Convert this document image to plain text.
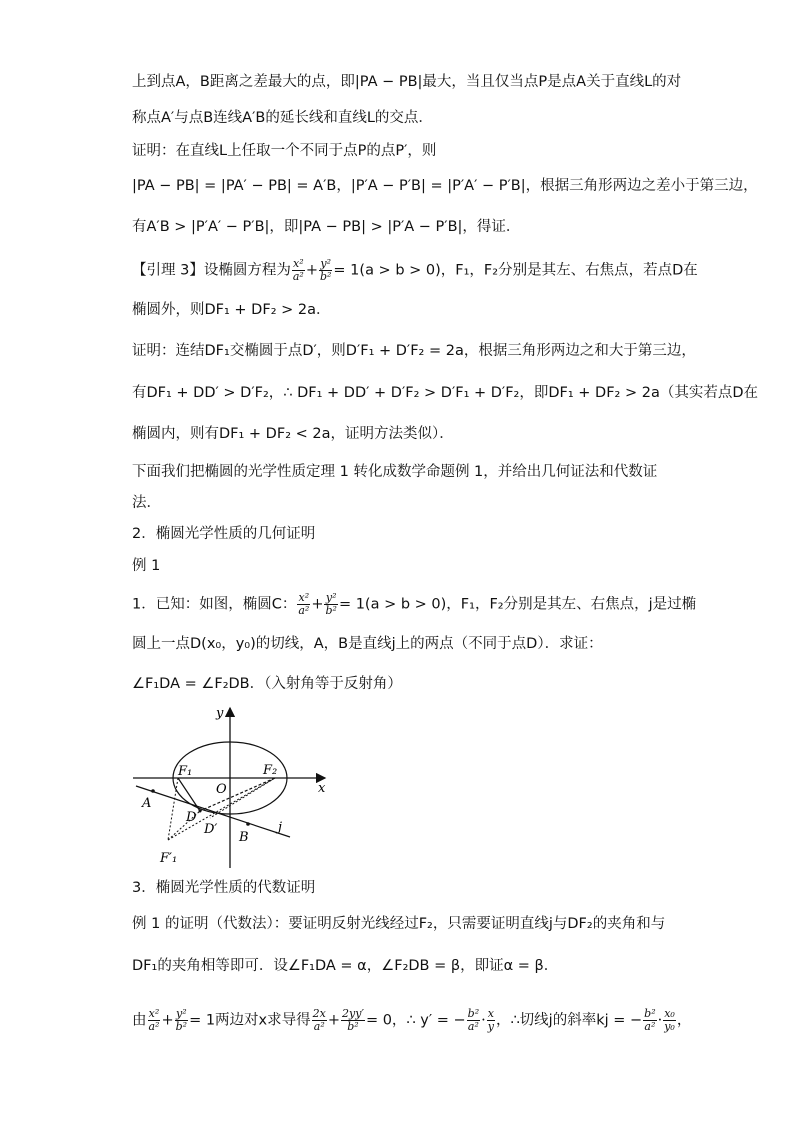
上到点A，B距离之差最大的点，即|PA − PB|最大，当且仅当点P是点A关于直线L的对
称点A′与点B连线A′B的延长线和直线L的交点．
证明：在直线L上任取一个不同于点P的点P′，则
|PA − PB| = |PA′ − PB| = A′B，|P′A − P′B| = |P′A′ − P′B|，根据三角形两边之差小于第三边，
有A′B > |P′A′ − P′B|，即|PA − PB| > |P′A − P′B|，得证．
【引理 3】设椭圆方程为 $\frac{\text{x²}}{\text{a²}} + \frac{\text{y²}}{\text{b²}} = 1(a > b > 0)$，F₁，F₂分别是其左、右焦点，若点D在
椭圆外，则DF₁ + DF₂ > 2a．
证明：连结DF₁交椭圆于点D′，则D′F₁ + D′F₂ = 2a，根据三角形两边之和大于第三边，
有DF₁ + DD′ > D′F₂，∴ DF₁ + DD′ + D′F₂ > D′F₁ + D′F₂，即DF₁ + DF₂ > 2a（其实若点D在
椭圆内，则有DF₁ + DF₂ < 2a，证明方法类似）．
下面我们把椭圆的光学性质定理 1 转化成数学命题例 1，并给出几何证法和代数证
法．
2．椭圆光学性质的几何证明
例 1
1．已知：如图，椭圆C： $\frac{\text{x²}}{\text{a²}} + \frac{\text{y²}}{\text{b²}} = 1(a > b > 0)$，F₁，F₂分别是其左、右焦点，j是过椭
圆上一点D(x₀，y₀)的切线，A，B是直线j上的两点（不同于点D）．求证：
∠F₁DA = ∠F₂DB．（入射角等于反射角）
x
y
O
F₁	F₂
A
D
D′
B
j
F′₁
3．椭圆光学性质的代数证明
例 1 的证明（代数法）：要证明反射光线经过F₂，只需要证明直线j与DF₂的夹角和与
DF₁的夹角相等即可．设∠F₁DA = α，∠F₂DB = β，即证α = β．
由 $\frac{\text{x²}}{\text{a²}} + \frac{\text{y²}}{\text{b²}} = 1$两边对x求导得 $\frac{2x}{\text{a²}} + \frac{2yy'}{\text{b²}} = 0$，∴ y′ = − $\frac{\text{b²}}{\text{a²}} \cdot \frac{x}{y}$ ，∴切线j的斜率kj = − $\frac{\text{b²}}{\text{a²}} \cdot \frac{\text{x₀}}{\text{y₀}}$ ，
